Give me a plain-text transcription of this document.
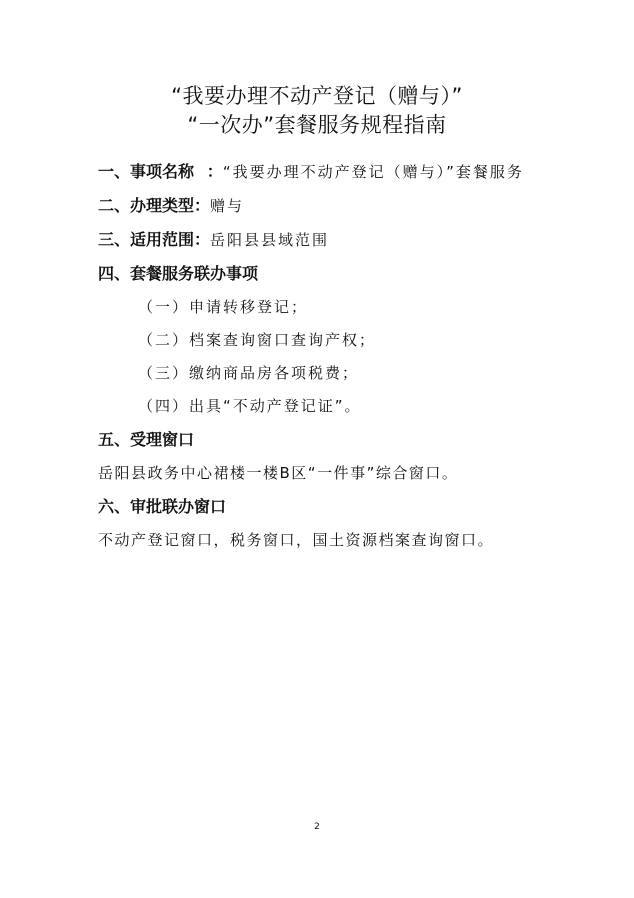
“我要办理不动产登记（赠与）”
“一次办”套餐服务规程指南
一、事项名称 ：“我要办理不动产登记（赠与）”套餐服务
二、办理类型：赠与
三、适用范围：岳阳县县域范围
四、套餐服务联办事项
（一）申请转移登记；
（二）档案查询窗口查询产权；
（三）缴纳商品房各项税费；
（四）出具“不动产登记证”。
五、受理窗口
岳阳县政务中心裙楼一楼B区“一件事”综合窗口。
六、审批联办窗口
不动产登记窗口，税务窗口，国土资源档案查询窗口。
2
